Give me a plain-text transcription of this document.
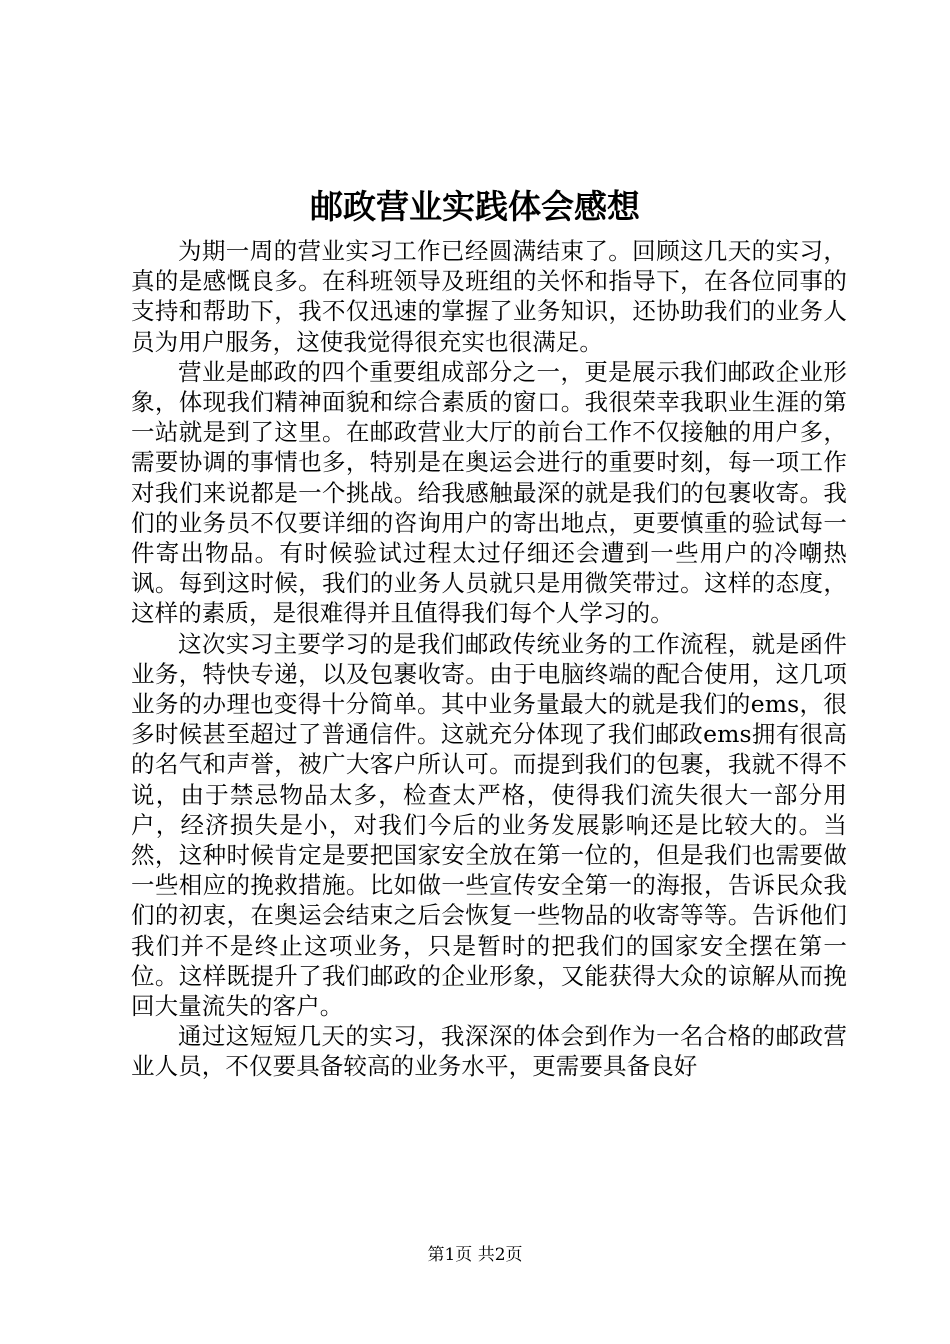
邮政营业实践体会感想

为期一周的营业实习工作已经圆满结束了。回顾这几天的实习，真的是感慨良多。在科班领导及班组的关怀和指导下，在各位同事的支持和帮助下，我不仅迅速的掌握了业务知识，还协助我们的业务人员为用户服务，这使我觉得很充实也很满足。

营业是邮政的四个重要组成部分之一，更是展示我们邮政企业形象，体现我们精神面貌和综合素质的窗口。我很荣幸我职业生涯的第一站就是到了这里。在邮政营业大厅的前台工作不仅接触的用户多，需要协调的事情也多，特别是在奥运会进行的重要时刻，每一项工作对我们来说都是一个挑战。给我感触最深的就是我们的包裹收寄。我们的业务员不仅要详细的咨询用户的寄出地点，更要慎重的验试每一件寄出物品。有时候验试过程太过仔细还会遭到一些用户的冷嘲热讽。每到这时候，我们的业务人员就只是用微笑带过。这样的态度，这样的素质，是很难得并且值得我们每个人学习的。

这次实习主要学习的是我们邮政传统业务的工作流程，就是函件业务，特快专递，以及包裹收寄。由于电脑终端的配合使用，这几项业务的办理也变得十分简单。其中业务量最大的就是我们的ems，很多时候甚至超过了普通信件。这就充分体现了我们邮政ems拥有很高的名气和声誉，被广大客户所认可。而提到我们的包裹，我就不得不说，由于禁忌物品太多，检查太严格，使得我们流失很大一部分用户，经济损失是小，对我们今后的业务发展影响还是比较大的。当然，这种时候肯定是要把国家安全放在第一位的，但是我们也需要做一些相应的挽救措施。比如做一些宣传安全第一的海报，告诉民众我们的初衷，在奥运会结束之后会恢复一些物品的收寄等等。告诉他们我们并不是终止这项业务，只是暂时的把我们的国家安全摆在第一位。这样既提升了我们邮政的企业形象，又能获得大众的谅解从而挽回大量流失的客户。

通过这短短几天的实习，我深深的体会到作为一名合格的邮政营业人员，不仅要具备较高的业务水平，更需要具备良好

第1页 共2页
